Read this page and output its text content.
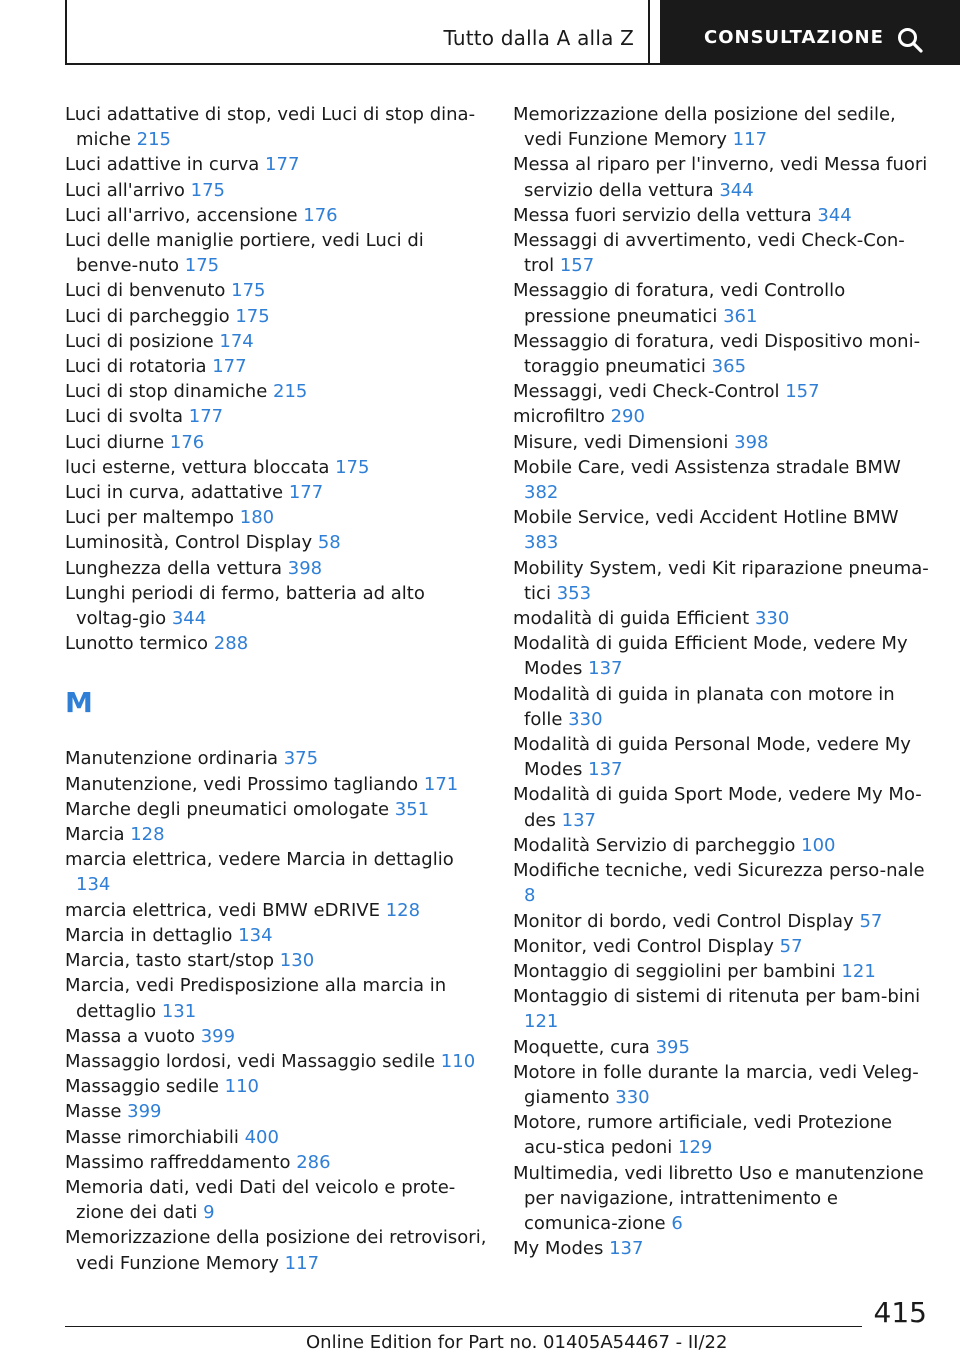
Tutto dalla A alla Z	CONSULTAZIONE

Luci adattative di stop, vedi Luci di stop dina-miche 215

Luci adattive in curva 177

Luci all'arrivo 175

Luci all'arrivo, accensione 176

Luci delle maniglie portiere, vedi Luci di benve-nuto 175

Luci di benvenuto 175

Luci di parcheggio 175

Luci di posizione 174

Luci di rotatoria 177

Luci di stop dinamiche 215

Luci di svolta 177

Luci diurne 176

luci esterne, vettura bloccata 175

Luci in curva, adattative 177

Luci per maltempo 180

Luminosità, Control Display 58

Lunghezza della vettura 398

Lunghi periodi di fermo, batteria ad alto voltag-gio 344

Lunotto termico 288

M

Manutenzione ordinaria 375

Manutenzione, vedi Prossimo tagliando 171

Marche degli pneumatici omologate 351

Marcia 128

marcia elettrica, vedere Marcia in dettaglio 134

marcia elettrica, vedi BMW eDRIVE 128

Marcia in dettaglio 134

Marcia, tasto start/stop 130

Marcia, vedi Predisposizione alla marcia in dettaglio 131

Massa a vuoto 399

Massaggio lordosi, vedi Massaggio sedile 110

Massaggio sedile 110

Masse 399

Masse rimorchiabili 400

Massimo raffreddamento 286

Memoria dati, vedi Dati del veicolo e prote-zione dei dati 9

Memorizzazione della posizione dei retrovisori, vedi Funzione Memory 117

Memorizzazione della posizione del sedile, vedi Funzione Memory 117

Messa al riparo per l'inverno, vedi Messa fuori servizio della vettura 344

Messa fuori servizio della vettura 344

Messaggi di avvertimento, vedi Check-Con-trol 157

Messaggio di foratura, vedi Controllo pressione pneumatici 361

Messaggio di foratura, vedi Dispositivo moni-toraggio pneumatici 365

Messaggi, vedi Check-Control 157

microfiltro 290

Misure, vedi Dimensioni 398

Mobile Care, vedi Assistenza stradale BMW 382

Mobile Service, vedi Accident Hotline BMW 383

Mobility System, vedi Kit riparazione pneuma-tici 353

modalità di guida Efficient 330

Modalità di guida Efficient Mode, vedere My Modes 137

Modalità di guida in planata con motore in folle 330

Modalità di guida Personal Mode, vedere My Modes 137

Modalità di guida Sport Mode, vedere My Mo-des 137

Modalità Servizio di parcheggio 100

Modifiche tecniche, vedi Sicurezza perso-nale 8

Monitor di bordo, vedi Control Display 57

Monitor, vedi Control Display 57

Montaggio di seggiolini per bambini 121

Montaggio di sistemi di ritenuta per bam-bini 121

Moquette, cura 395

Motore in folle durante la marcia, vedi Veleg-giamento 330

Motore, rumore artificiale, vedi Protezione acu-stica pedoni 129

Multimedia, vedi libretto Uso e manutenzione per navigazione, intrattenimento e comunica-zione 6

My Modes 137

415
Online Edition for Part no. 01405A54467 - II/22
